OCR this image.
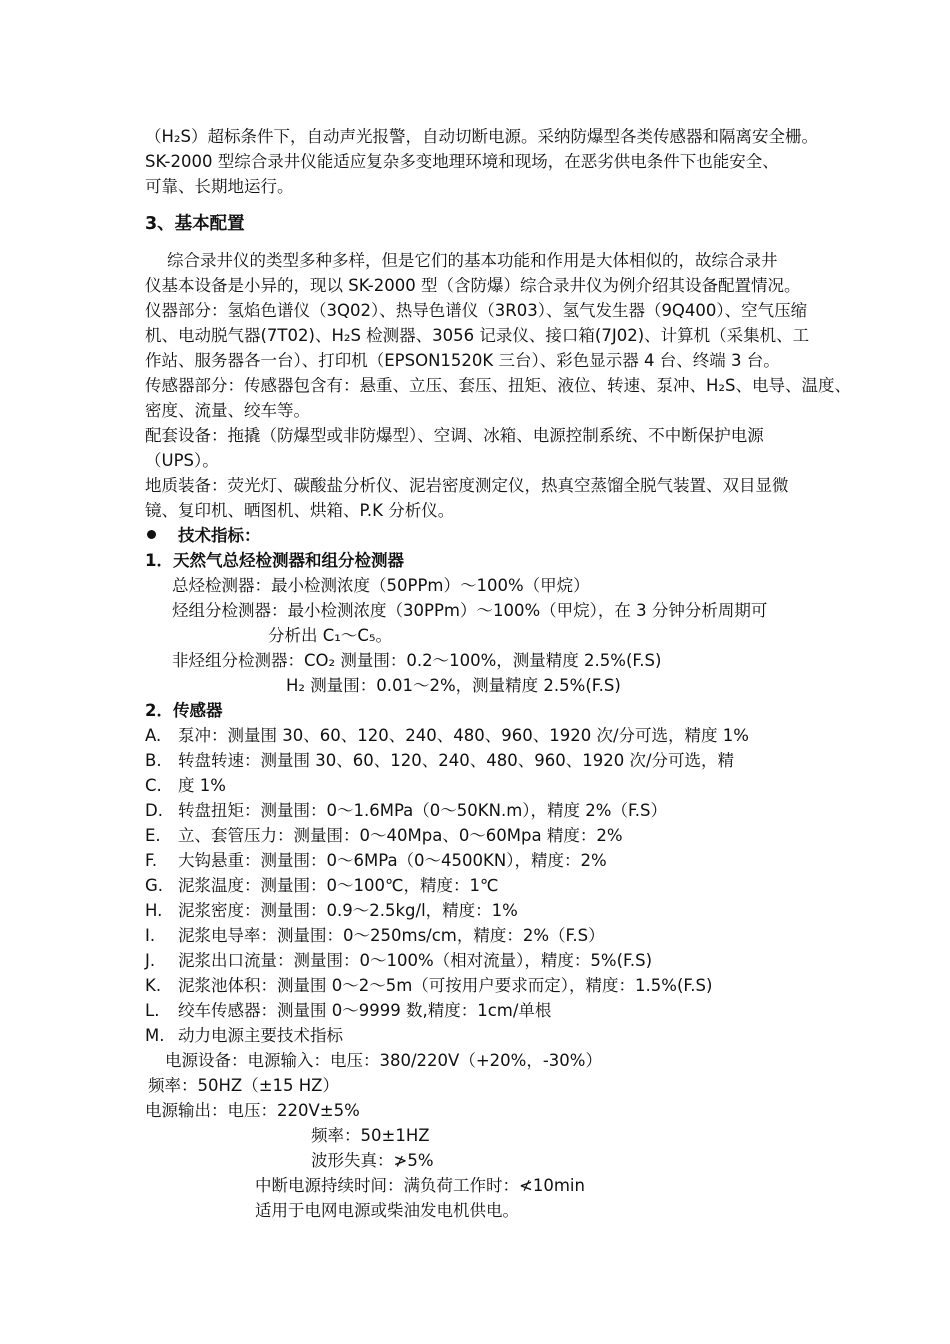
（H₂S）超标条件下，自动声光报警，自动切断电源。采纳防爆型各类传感器和隔离安全栅。
SK-2000 型综合录井仪能适应复杂多变地理环境和现场，在恶劣供电条件下也能安全、
可靠、长期地运行。
3、基本配置
综合录井仪的类型多种多样，但是它们的基本功能和作用是大体相似的，故综合录井
仪基本设备是小异的，现以 SK-2000 型（含防爆）综合录井仪为例介绍其设备配置情况。
仪器部分：氢焰色谱仪（3Q02）、热导色谱仪（3R03）、氢气发生器（9Q400）、空气压缩
机、电动脱气器(7T02)、H₂S 检测器、3056 记录仪、接口箱(7J02)、计算机（采集机、工
作站、服务器各一台）、打印机（EPSON1520K 三台）、彩色显示器 4 台、终端 3 台。
传感器部分：传感器包含有：悬重、立压、套压、扭矩、液位、转速、泵冲、H₂S、电导、温度、
密度、流量、绞车等。
配套设备：拖撬（防爆型或非防爆型）、空调、冰箱、电源控制系统、不中断保护电源
（UPS）。
地质装备：荧光灯、碳酸盐分析仪、泥岩密度测定仪，热真空蒸馏全脱气装置、双目显微
镜、复印机、晒图机、烘箱、P.K 分析仪。
技术指标：
1．天然气总烃检测器和组分检测器
总烃检测器：最小检测浓度（50PPm）～100%（甲烷）
烃组分检测器：最小检测浓度（30PPm）～100%（甲烷），在 3 分钟分析周期可
分析出 C₁～C₅。
非烃组分检测器：CO₂ 测量围：0.2～100%，测量精度 2.5%(F.S)
H₂ 测量围：0.01～2%，测量精度 2.5%(F.S)
2．传感器
A. 泵冲：测量围 30、60、120、240、480、960、1920 次/分可选，精度 1%
B. 转盘转速：测量围 30、60、120、240、480、960、1920 次/分可选，精
C. 度 1%
D. 转盘扭矩：测量围：0～1.6MPa（0～50KN.m），精度 2%（F.S）
E. 立、套管压力：测量围：0～40Mpa、0～60Mpa 精度：2%
F. 大钩悬重：测量围：0～6MPa（0～4500KN），精度：2%
G. 泥浆温度：测量围：0～100℃，精度：1℃
H. 泥浆密度：测量围：0.9～2.5kg/l，精度：1%
I. 泥浆电导率：测量围：0～250ms/cm，精度：2%（F.S）
J. 泥浆出口流量：测量围：0～100%（相对流量），精度：5%(F.S)
K. 泥浆池体积：测量围 0～2～5m（可按用户要求而定），精度：1.5%(F.S)
L. 绞车传感器：测量围 0～9999 数,精度：1cm/单根
M. 动力电源主要技术指标
电源设备：电源输入：电压：380/220V（+20%，-30%）
频率：50HZ（±15 HZ）
电源输出：电压：220V±5%
频率：50±1HZ
波形失真：≯5%
中断电源持续时间：满负荷工作时：≮10min
适用于电网电源或柴油发电机供电。
